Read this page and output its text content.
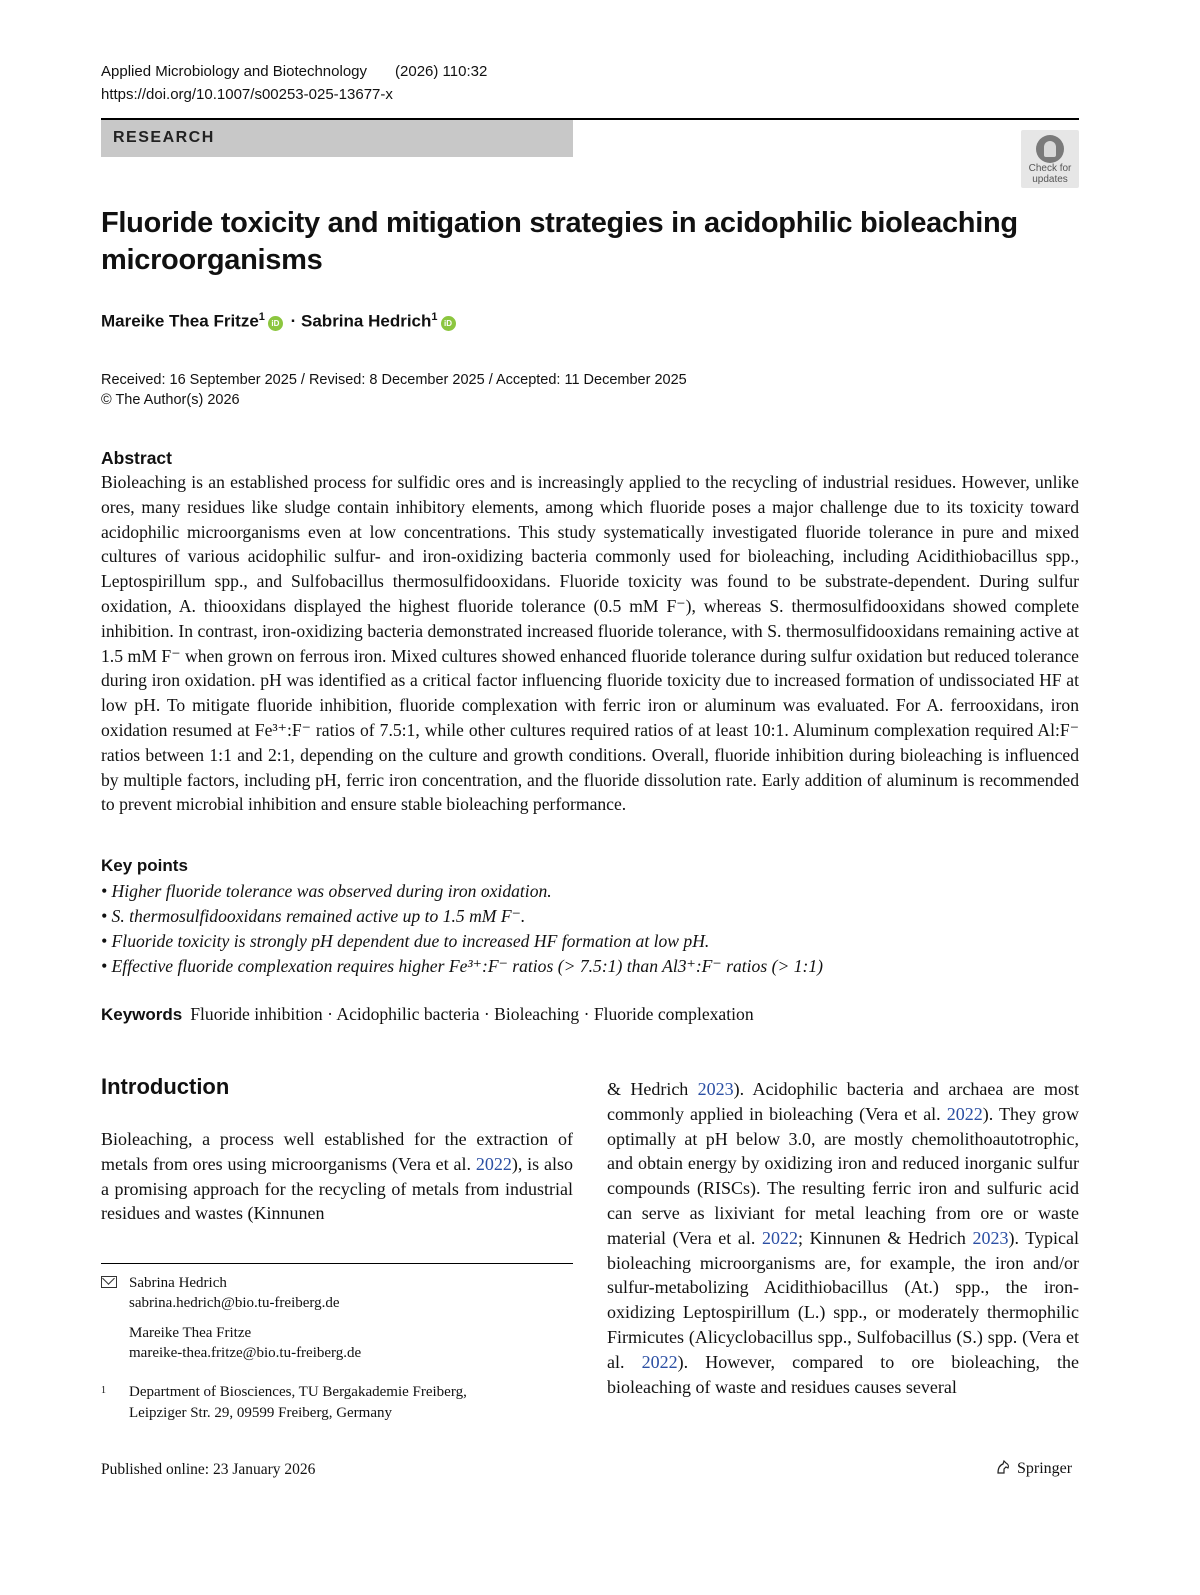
Applied Microbiology and Biotechnology (2026) 110:32
https://doi.org/10.1007/s00253-025-13677-x
RESEARCH
Check for updates
Fluoride toxicity and mitigation strategies in acidophilic bioleaching microorganisms
Mareike Thea Fritze$^1$iD · Sabrina Hedrich$^1$iD
Received: 16 September 2025 / Revised: 8 December 2025 / Accepted: 11 December 2025
© The Author(s) 2026
Abstract
Bioleaching is an established process for sulfidic ores and is increasingly applied to the recycling of industrial residues. However, unlike ores, many residues like sludge contain inhibitory elements, among which fluoride poses a major challenge due to its toxicity toward acidophilic microorganisms even at low concentrations. This study systematically investigated fluoride tolerance in pure and mixed cultures of various acidophilic sulfur- and iron-oxidizing bacteria commonly used for bioleaching, including Acidithiobacillus spp., Leptospirillum spp., and Sulfobacillus thermosulfidooxidans. Fluoride toxicity was found to be substrate-dependent. During sulfur oxidation, A. thiooxidans displayed the highest fluoride tolerance (0.5 mM F⁻), whereas S. thermosulfidooxidans showed complete inhibition. In contrast, iron-oxidizing bacteria demonstrated increased fluoride tolerance, with S. thermosulfidooxidans remaining active at 1.5 mM F⁻ when grown on ferrous iron. Mixed cultures showed enhanced fluoride tolerance during sulfur oxidation but reduced tolerance during iron oxidation. pH was identified as a critical factor influencing fluoride toxicity due to increased formation of undissociated HF at low pH. To mitigate fluoride inhibition, fluoride complexation with ferric iron or aluminum was evaluated. For A. ferrooxidans, iron oxidation resumed at Fe³⁺:F⁻ ratios of 7.5:1, while other cultures required ratios of at least 10:1. Aluminum complexation required Al:F⁻ ratios between 1:1 and 2:1, depending on the culture and growth conditions. Overall, fluoride inhibition during bioleaching is influenced by multiple factors, including pH, ferric iron concentration, and the fluoride dissolution rate. Early addition of aluminum is recommended to prevent microbial inhibition and ensure stable bioleaching performance.
Key points
• Higher fluoride tolerance was observed during iron oxidation.
• S. thermosulfidooxidans remained active up to 1.5 mM F⁻.
• Fluoride toxicity is strongly pH dependent due to increased HF formation at low pH.
• Effective fluoride complexation requires higher Fe³⁺:F⁻ ratios (> 7.5:1) than Al3⁺:F⁻ ratios (> 1:1)
Keywords Fluoride inhibition · Acidophilic bacteria · Bioleaching · Fluoride complexation
Introduction
Bioleaching, a process well established for the extraction of metals from ores using microorganisms (Vera et al. 2022), is also a promising approach for the recycling of metals from industrial residues and wastes (Kinnunen
& Hedrich 2023). Acidophilic bacteria and archaea are most commonly applied in bioleaching (Vera et al. 2022). They grow optimally at pH below 3.0, are mostly chemolithoautotrophic, and obtain energy by oxidizing iron and reduced inorganic sulfur compounds (RISCs). The resulting ferric iron and sulfuric acid can serve as lixiviant for metal leaching from ore or waste material (Vera et al. 2022; Kinnunen & Hedrich 2023). Typical bioleaching microorganisms are, for example, the iron and/or sulfur-metabolizing Acidithiobacillus (At.) spp., the iron-oxidizing Leptospirillum (L.) spp., or moderately thermophilic Firmicutes (Alicyclobacillus spp., Sulfobacillus (S.) spp. (Vera et al. 2022). However, compared to ore bioleaching, the bioleaching of waste and residues causes several
Sabrina Hedrich
sabrina.hedrich@bio.tu-freiberg.de
Mareike Thea Fritze
mareike-thea.fritze@bio.tu-freiberg.de
1 Department of Biosciences, TU Bergakademie Freiberg,
Leipziger Str. 29, 09599 Freiberg, Germany
Published online: 23 January 2026	Springer
